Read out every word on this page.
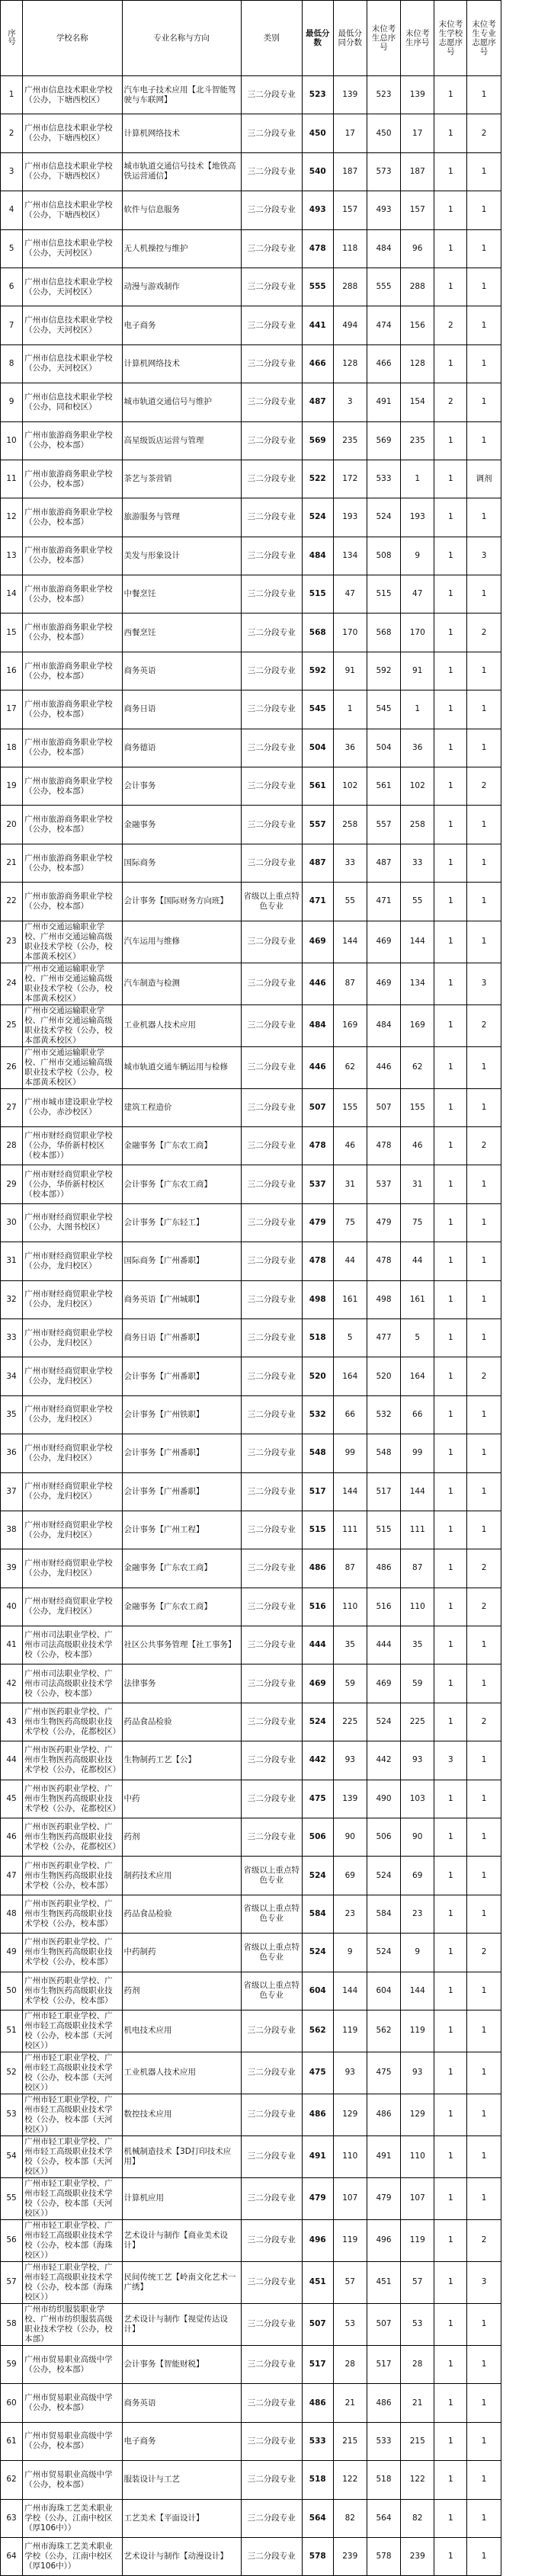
序号	学校名称	专业名称与方向	类别	最低分数	最低分同分数	末位考生总序号	末位考生序号	末位考生学校志愿序号	末位考生专业志愿序号
1	广州市信息技术职业学校（公办，下塘西校区）	汽车电子技术应用【北斗智能驾驶与车联网】	三二分段专业	523	139	523	139	1	1
2	广州市信息技术职业学校（公办，下塘西校区）	计算机网络技术	三二分段专业	450	17	450	17	1	2
3	广州市信息技术职业学校（公办，下塘西校区）	城市轨道交通信号技术【地铁高铁运营通信】	三二分段专业	540	187	573	187	1	1
4	广州市信息技术职业学校（公办，下塘西校区）	软件与信息服务	三二分段专业	493	157	493	157	1	1
5	广州市信息技术职业学校（公办，天河校区）	无人机操控与维护	三二分段专业	478	118	484	96	1	1
6	广州市信息技术职业学校（公办，天河校区）	动漫与游戏制作	三二分段专业	555	288	555	288	1	1
7	广州市信息技术职业学校（公办，天河校区）	电子商务	三二分段专业	441	494	474	156	2	1
8	广州市信息技术职业学校（公办，天河校区）	计算机网络技术	三二分段专业	466	128	466	128	1	1
9	广州市信息技术职业学校（公办，同和校区）	城市轨道交通信号与维护	三二分段专业	487	3	491	154	2	1
10	广州市旅游商务职业学校（公办，校本部）	高星级饭店运营与管理	三二分段专业	569	235	569	235	1	1
11	广州市旅游商务职业学校（公办，校本部）	茶艺与茶营销	三二分段专业	522	172	533	1	1	调剂
12	广州市旅游商务职业学校（公办，校本部）	旅游服务与管理	三二分段专业	524	193	524	193	1	1
13	广州市旅游商务职业学校（公办，校本部）	美发与形象设计	三二分段专业	484	134	508	9	1	3
14	广州市旅游商务职业学校（公办，校本部）	中餐烹饪	三二分段专业	515	47	515	47	1	1
15	广州市旅游商务职业学校（公办，校本部）	西餐烹饪	三二分段专业	568	170	568	170	1	2
16	广州市旅游商务职业学校（公办，校本部）	商务英语	三二分段专业	592	91	592	91	1	1
17	广州市旅游商务职业学校（公办，校本部）	商务日语	三二分段专业	545	1	545	1	1	1
18	广州市旅游商务职业学校（公办，校本部）	商务德语	三二分段专业	504	36	504	36	1	1
19	广州市旅游商务职业学校（公办，校本部）	会计事务	三二分段专业	561	102	561	102	1	2
20	广州市旅游商务职业学校（公办，校本部）	金融事务	三二分段专业	557	258	557	258	1	1
21	广州市旅游商务职业学校（公办，校本部）	国际商务	三二分段专业	487	33	487	33	1	1
22	广州市旅游商务职业学校（公办，校本部）	会计事务【国际财务方向班】	省级以上重点特色专业	471	55	471	55	1	1
23	广州市交通运输职业学校、广州市交通运输高级职业技术学校（公办，校本部黄禾校区）	汽车运用与维修	三二分段专业	469	144	469	144	1	1
24	广州市交通运输职业学校、广州市交通运输高级职业技术学校（公办，校本部黄禾校区）	汽车制造与检测	三二分段专业	446	87	469	134	1	3
25	广州市交通运输职业学校、广州市交通运输高级职业技术学校（公办，校本部黄禾校区）	工业机器人技术应用	三二分段专业	484	169	484	169	1	2
26	广州市交通运输职业学校、广州市交通运输高级职业技术学校（公办，校本部黄禾校区）	城市轨道交通车辆运用与检修	三二分段专业	446	62	446	62	1	1
27	广州市城市建设职业学校（公办，赤沙校区）	建筑工程造价	三二分段专业	507	155	507	155	1	1
28	广州市财经商贸职业学校（公办，华侨新村校区（校本部））	金融事务【广东农工商】	三二分段专业	478	46	478	46	1	2
29	广州市财经商贸职业学校（公办，华侨新村校区（校本部））	会计事务【广东农工商】	三二分段专业	537	31	537	31	1	1
30	广州市财经商贸职业学校（公办，大图书校区）	会计事务【广东轻工】	三二分段专业	479	75	479	75	1	1
31	广州市财经商贸职业学校（公办，龙归校区）	国际商务【广州番职】	三二分段专业	478	44	478	44	1	1
32	广州市财经商贸职业学校（公办，龙归校区）	商务英语【广州城职】	三二分段专业	498	161	498	161	1	1
33	广州市财经商贸职业学校（公办，龙归校区）	商务日语【广州番职】	三二分段专业	518	5	477	5	1	1
34	广州市财经商贸职业学校（公办，龙归校区）	会计事务【广州番职】	三二分段专业	520	164	520	164	1	2
35	广州市财经商贸职业学校（公办，龙归校区）	会计事务【广州铁职】	三二分段专业	532	66	532	66	1	1
36	广州市财经商贸职业学校（公办，龙归校区）	会计事务【广州番职】	三二分段专业	548	99	548	99	1	1
37	广州市财经商贸职业学校（公办，龙归校区）	会计事务【广州番职】	三二分段专业	517	144	517	144	1	1
38	广州市财经商贸职业学校（公办，龙归校区）	会计事务【广州工程】	三二分段专业	515	111	515	111	1	1
39	广州市财经商贸职业学校（公办，龙归校区）	金融事务【广东农工商】	三二分段专业	486	87	486	87	1	2
40	广州市财经商贸职业学校（公办，龙归校区）	金融事务【广东农工商】	三二分段专业	516	110	516	110	1	2
41	广州市司法职业学校、广州市司法高级职业技术学校（公办，校本部）	社区公共事务管理【社工事务】	三二分段专业	444	35	444	35	1	1
42	广州市司法职业学校、广州市司法高级职业技术学校（公办，校本部）	法律事务	三二分段专业	469	59	469	59	1	1
43	广州市医药职业学校、广州市生物医药高级职业技术学校（公办，花都校区）	药品食品检验	三二分段专业	524	225	524	225	1	2
44	广州市医药职业学校、广州市生物医药高级职业技术学校（公办，花都校区）	生物制药工艺【公】	三二分段专业	442	93	442	93	3	1
45	广州市医药职业学校、广州市生物医药高级职业技术学校（公办，花都校区）	中药	三二分段专业	475	139	490	103	1	1
46	广州市医药职业学校、广州市生物医药高级职业技术学校（公办，花都校区）	药剂	三二分段专业	506	90	506	90	1	1
47	广州市医药职业学校、广州市生物医药高级职业技术学校（公办，校本部）	制药技术应用	省级以上重点特色专业	524	69	524	69	1	1
48	广州市医药职业学校、广州市生物医药高级职业技术学校（公办，校本部）	药品食品检验	省级以上重点特色专业	584	23	584	23	1	1
49	广州市医药职业学校、广州市生物医药高级职业技术学校（公办，校本部）	中药制药	省级以上重点特色专业	524	9	524	9	1	2
50	广州市医药职业学校、广州市生物医药高级职业技术学校（公办，校本部）	药剂	省级以上重点特色专业	604	144	604	144	1	1
51	广州市轻工职业学校、广州市轻工高级职业技术学校（公办，校本部（天河校区））	机电技术应用	三二分段专业	562	119	562	119	1	1
52	广州市轻工职业学校、广州市轻工高级职业技术学校（公办，校本部（天河校区））	工业机器人技术应用	三二分段专业	475	93	475	93	1	1
53	广州市轻工职业学校、广州市轻工高级职业技术学校（公办，校本部（天河校区））	数控技术应用	三二分段专业	486	129	486	129	1	1
54	广州市轻工职业学校、广州市轻工高级职业技术学校（公办，校本部（天河校区））	机械制造技术【3D打印技术应用】	三二分段专业	491	110	491	110	1	1
55	广州市轻工职业学校、广州市轻工高级职业技术学校（公办，校本部（天河校区））	计算机应用	三二分段专业	479	107	479	107	1	1
56	广州市轻工职业学校、广州市轻工高级职业技术学校（公办，校本部（海珠校区））	艺术设计与制作【商业美术设计】	三二分段专业	496	119	496	119	1	2
57	广州市轻工职业学校、广州市轻工高级职业技术学校（公办，校本部（海珠校区））	民间传统工艺【岭南文化艺术一广绣】	三二分段专业	451	57	451	57	1	3
58	广州市纺织服装职业学校、广州市纺织服装高级职业技术学校（公办，校本部）	艺术设计与制作【视觉传达设计】	三二分段专业	507	53	507	53	1	1
59	广州市贸易职业高级中学（公办，校本部）	会计事务【智能财税】	三二分段专业	517	28	517	28	1	1
60	广州市贸易职业高级中学（公办，校本部）	商务英语	三二分段专业	486	21	486	21	1	1
61	广州市贸易职业高级中学（公办，校本部）	电子商务	三二分段专业	533	215	533	215	1	1
62	广州市贸易职业高级中学（公办，校本部）	服装设计与工艺	三二分段专业	518	122	518	122	1	1
63	广州市海珠工艺美术职业学校（公办，江南中校区（厚106中））	工艺美术【平面设计】	三二分段专业	564	82	564	82	1	1
64	广州市海珠工艺美术职业学校（公办，江南中校区（厚106中））	艺术设计与制作【动漫设计】	三二分段专业	578	239	578	239	1	1
